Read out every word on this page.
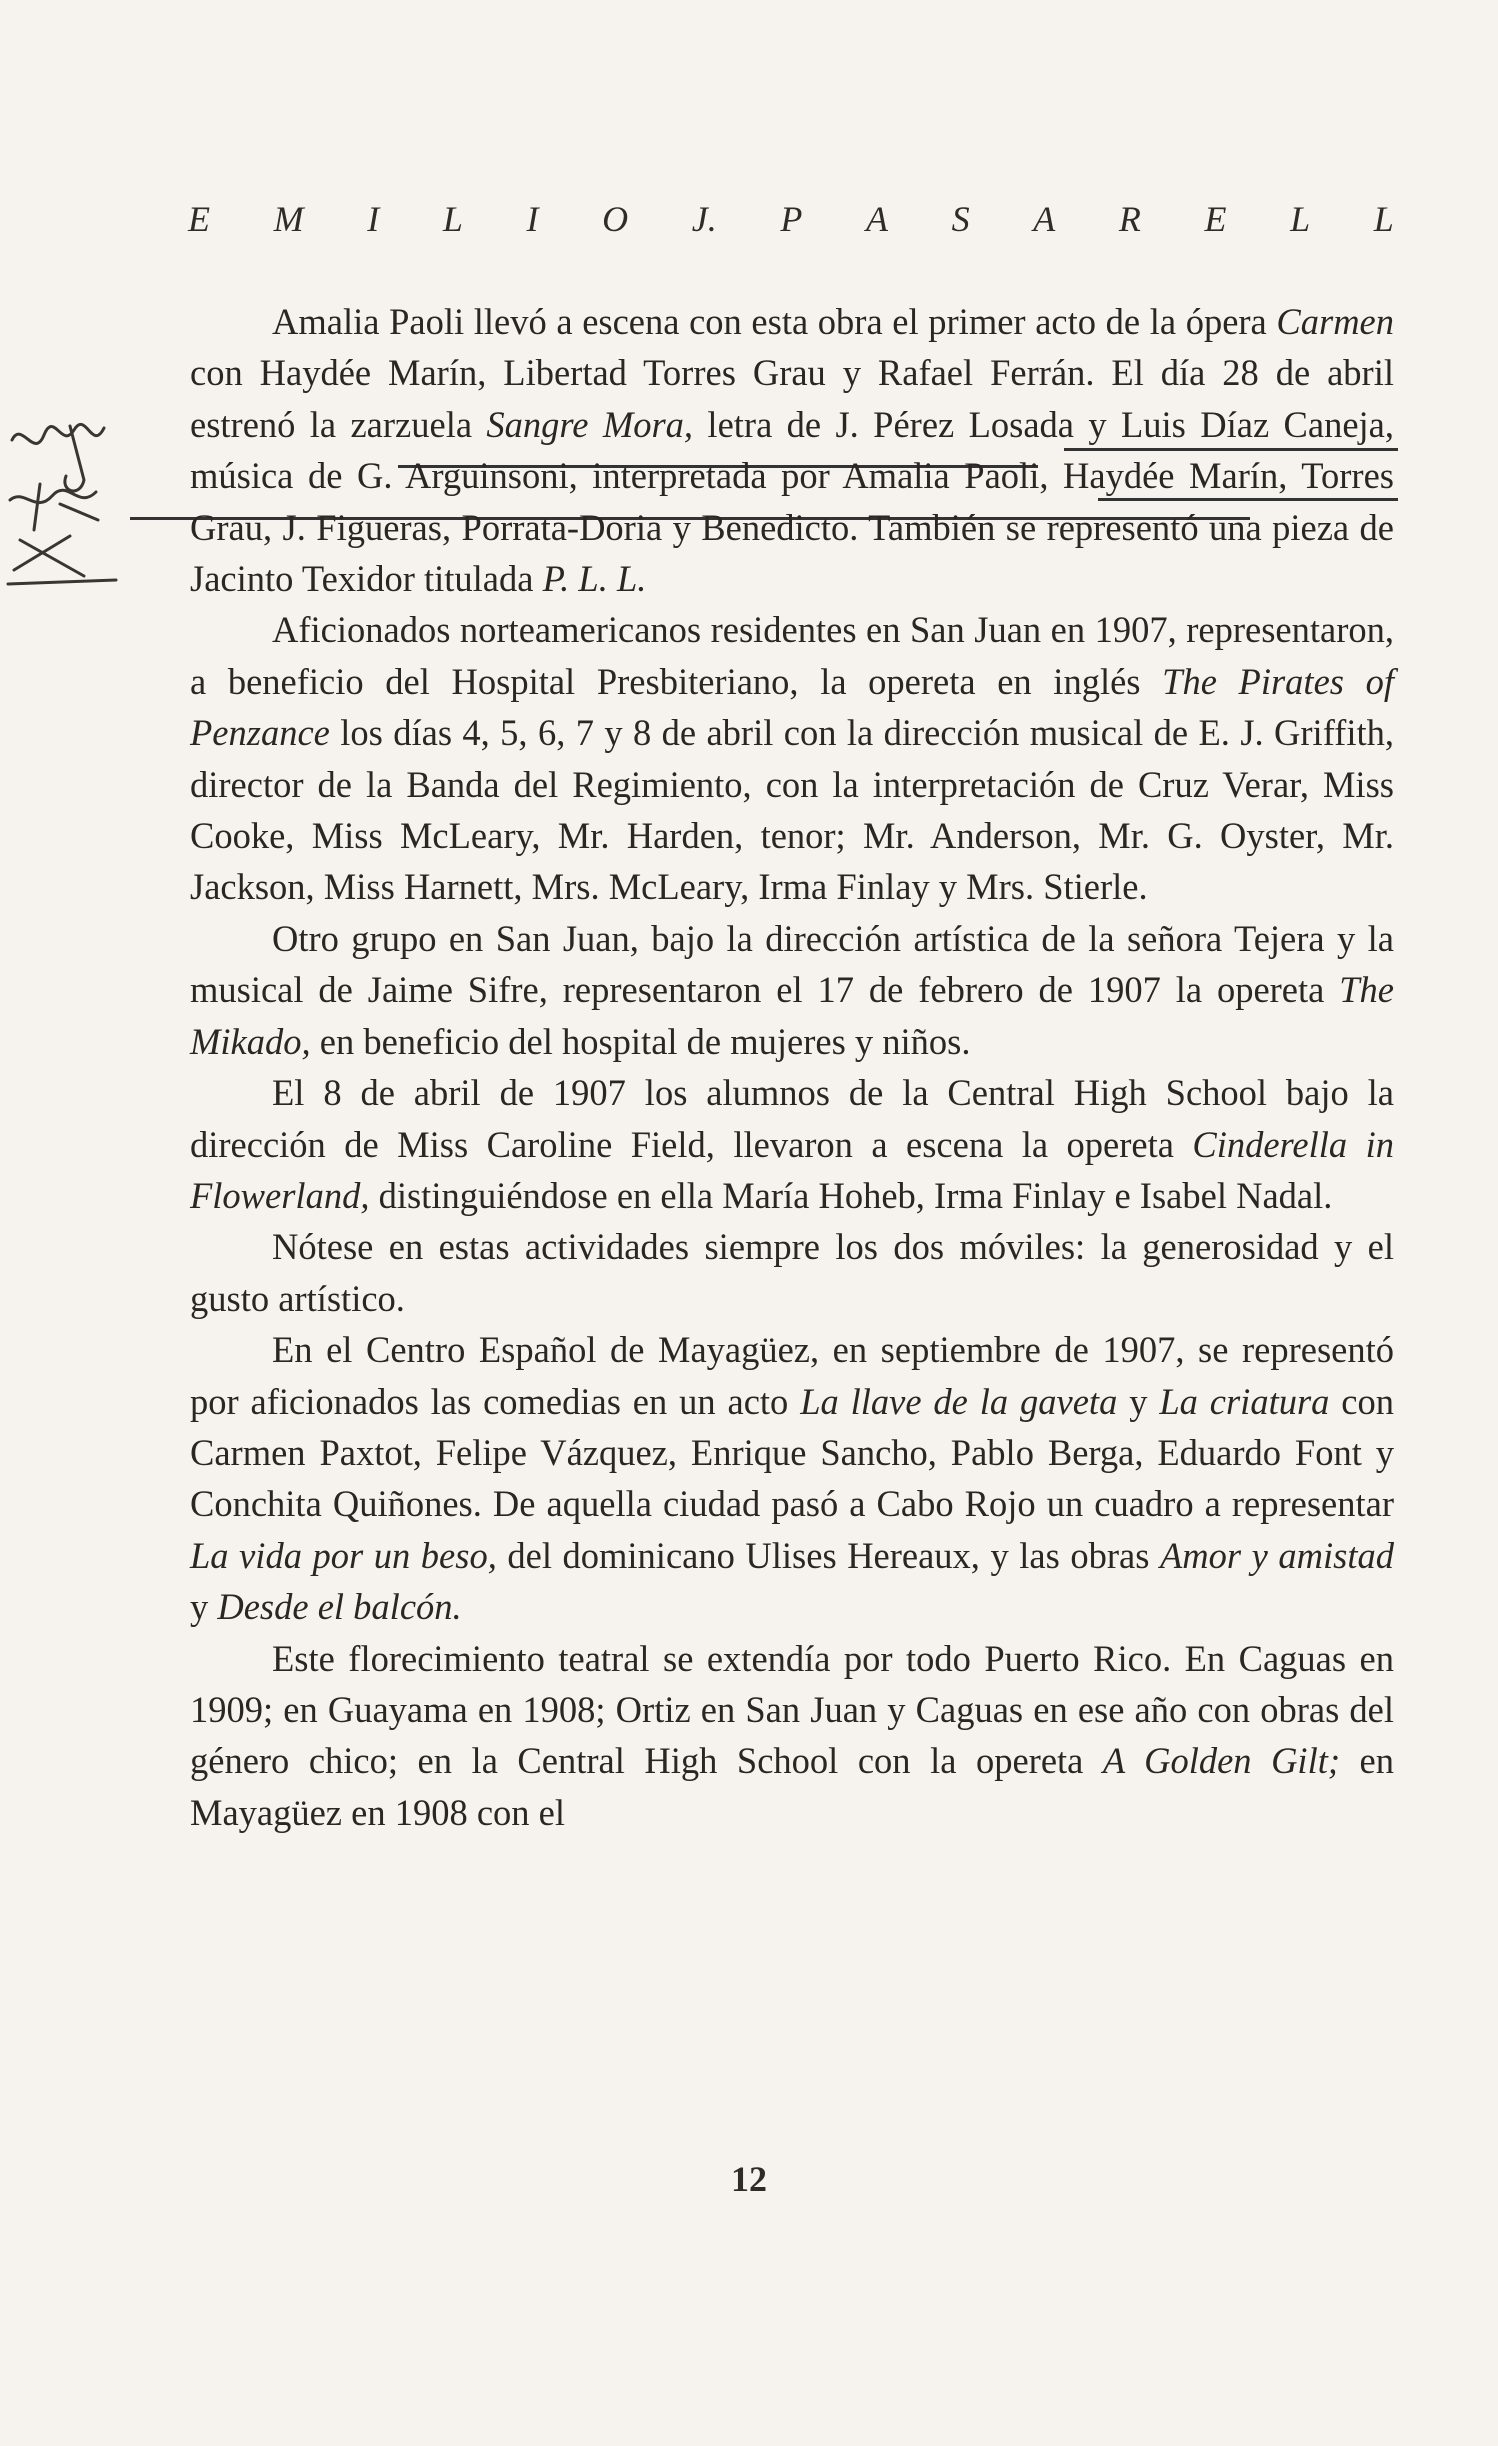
E M I L I O J. P A S A R E L L

Amalia Paoli llevó a escena con esta obra el primer acto de la ópera Carmen con Haydée Marín, Libertad Torres Grau y Rafael Ferrán. El día 28 de abril estrenó la zarzuela Sangre Mora, letra de J. Pérez Losada y Luis Díaz Caneja, música de G. Arguinsoni, interpretada por Amalia Paoli, Haydée Marín, Torres Grau, J. Figueras, Porrata-Doria y Benedicto. También se representó una pieza de Jacinto Texidor titulada P. L. L.

Aficionados norteamericanos residentes en San Juan en 1907, representaron, a beneficio del Hospital Presbiteriano, la opereta en inglés The Pirates of Penzance los días 4, 5, 6, 7 y 8 de abril con la dirección musical de E. J. Griffith, director de la Banda del Regimiento, con la interpretación de Cruz Verar, Miss Cooke, Miss McLeary, Mr. Harden, tenor; Mr. Anderson, Mr. G. Oyster, Mr. Jackson, Miss Harnett, Mrs. McLeary, Irma Finlay y Mrs. Stierle.

Otro grupo en San Juan, bajo la dirección artística de la señora Tejera y la musical de Jaime Sifre, representaron el 17 de febrero de 1907 la opereta The Mikado, en beneficio del hospital de mujeres y niños.

El 8 de abril de 1907 los alumnos de la Central High School bajo la dirección de Miss Caroline Field, llevaron a escena la opereta Cinderella in Flowerland, distinguiéndose en ella María Hoheb, Irma Finlay e Isabel Nadal.

Nótese en estas actividades siempre los dos móviles: la generosidad y el gusto artístico.

En el Centro Español de Mayagüez, en septiembre de 1907, se representó por aficionados las comedias en un acto La llave de la gaveta y La criatura con Carmen Paxtot, Felipe Vázquez, Enrique Sancho, Pablo Berga, Eduardo Font y Conchita Quiñones. De aquella ciudad pasó a Cabo Rojo un cuadro a representar La vida por un beso, del dominicano Ulises Hereaux, y las obras Amor y amistad y Desde el balcón.

Este florecimiento teatral se extendía por todo Puerto Rico. En Caguas en 1909; en Guayama en 1908; Ortiz en San Juan y Caguas en ese año con obras del género chico; en la Central High School con la opereta A Golden Gilt; en Mayagüez en 1908 con el

12
